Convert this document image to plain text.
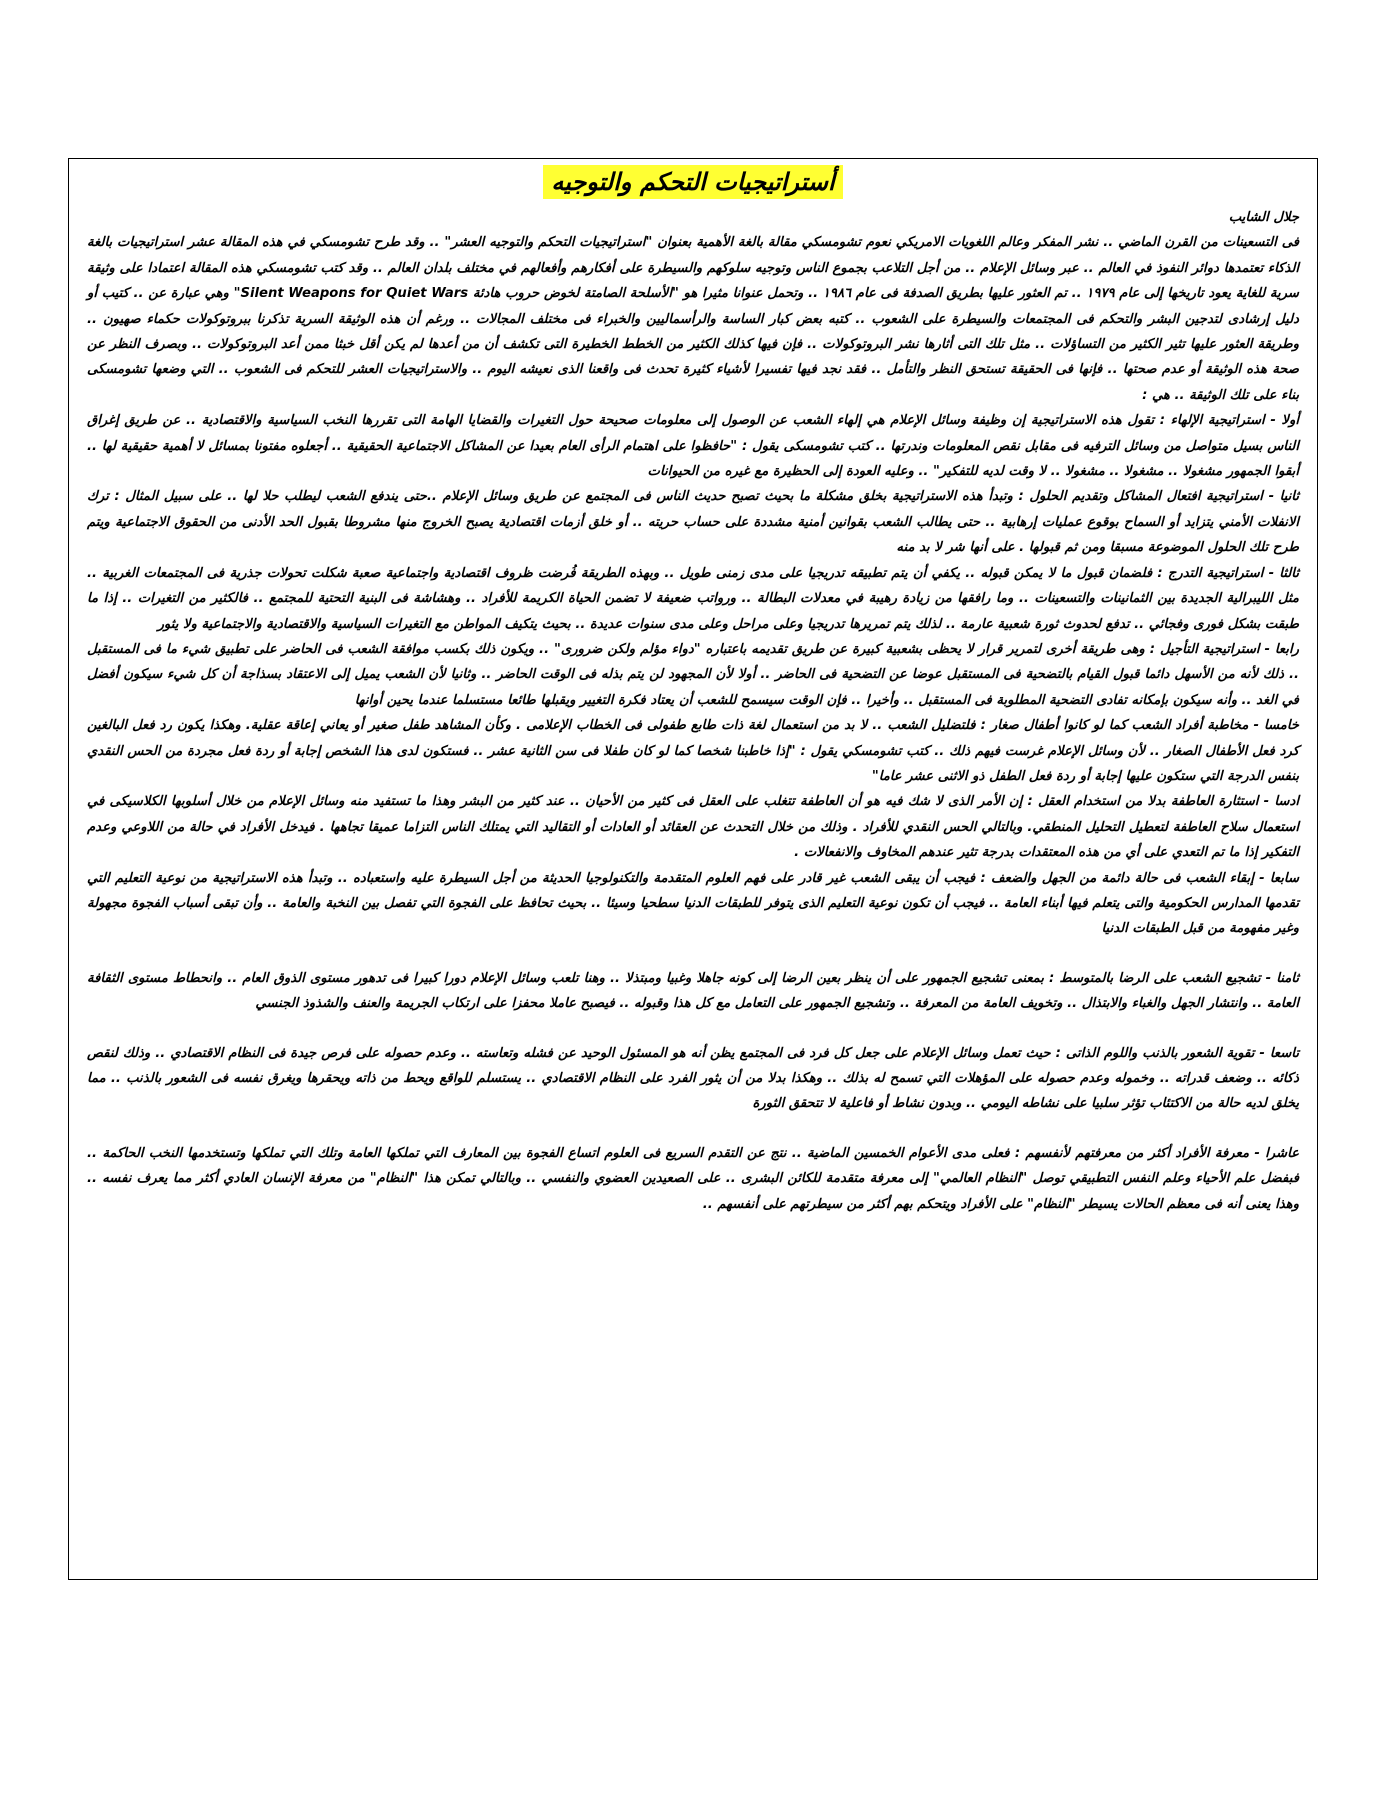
أستراتيجيات التحكم والتوجيه

جلال الشايب

فى التسعينات من القرن الماضي .. نشر المفكر وعالم اللغويات الامريكي نعوم تشومسكي مقالة بالغة الأهمية بعنوان "استراتيجيات التحكم والتوجيه العشر" .. وقد طرح تشومسكي في هذه المقالة عشر استراتيجيات بالغة الذكاء تعتمدها دوائر النفوذ في العالم .. عبر وسائل الإعلام .. من أجل التلاعب بجموع الناس وتوجيه سلوكهم والسيطرة على أفكارهم وأفعالهم في مختلف بلدان العالم .. وقد كتب تشومسكي هذه المقالة اعتمادا على وثيقة سرية للغاية يعود تاريخها إلى عام ١٩٧٩ .. تم العثور عليها بطريق الصدفة فى عام ١٩٨٦ .. وتحمل عنوانا مثيرا هو "الأسلحة الصامتة لخوض حروب هادئة Silent Weapons for Quiet Wars" وهي عبارة عن .. كتيب أو دليل إرشادى لتدجين البشر والتحكم فى المجتمعات والسيطرة على الشعوب .. كتبه بعض كبار الساسة والرأسماليين والخبراء فى مختلف المجالات .. ورغم أن هذه الوثيقة السرية تذكرنا ببروتوكولات حكماء صهيون .. وطريقة العثور عليها تثير الكثير من التساؤلات .. مثل تلك التى أثارها نشر البروتوكولات .. فإن فيها كذلك الكثير من الخطط الخطيرة التى تكشف أن من أعدها لم يكن أقل خبثا ممن أعد البروتوكولات .. وبصرف النظر عن صحة هذه الوثيقة أو عدم صحتها .. فإنها فى الحقيقة تستحق النظر والتأمل .. فقد نجد فيها تفسيرا لأشياء كثيرة تحدث فى واقعنا الذى نعيشه اليوم .. والاستراتيجيات العشر للتحكم فى الشعوب .. التي وضعها تشومسكى بناء على تلك الوثيقة .. هي :

أولا - استراتيجية الإلهاء : تقول هذه الاستراتيجية إن وظيفة وسائل الإعلام هي إلهاء الشعب عن الوصول إلى معلومات صحيحة حول التغيرات والقضايا الهامة التى تقررها النخب السياسية والاقتصادية .. عن طريق إغراق الناس بسيل متواصل من وسائل الترفيه فى مقابل نقص المعلومات وندرتها .. كتب تشومسكى يقول : "حافظوا على اهتمام الرأى العام بعيدا عن المشاكل الاجتماعية الحقيقية .. أجعلوه مفتونا بمسائل لا أهمية حقيقية لها .. أبقوا الجمهور مشغولا .. مشغولا .. مشغولا .. لا وقت لديه للتفكير" .. وعليه العودة إلى الحظيرة مع غيره من الحيوانات

ثانيا - استراتيجية افتعال المشاكل وتقديم الحلول : وتبدأ هذه الاستراتيجية بخلق مشكلة ما بحيث تصبح حديث الناس فى المجتمع عن طريق وسائل الإعلام ..حتى يندفع الشعب ليطلب حلا لها .. على سبيل المثال : ترك الانفلات الأمني يتزايد أو السماح بوقوع عمليات إرهابية .. حتى يطالب الشعب بقوانين أمنية مشددة على حساب حريته .. أو خلق أزمات اقتصادية يصبح الخروج منها مشروطا بقبول الحد الأدنى من الحقوق الاجتماعية ويتم طرح تلك الحلول الموضوعة مسبقا ومن ثم قبولها . على أنها شر لا بد منه

ثالثا - استراتيجية التدرج : فلضمان قبول ما لا يمكن قبوله .. يكفي أن يتم تطبيقه تدريجيا على مدى زمنى طويل .. وبهذه الطريقة فُرضت ظروف اقتصادية واجتماعية صعبة شكلت تحولات جذرية فى المجتمعات الغربية .. مثل الليبرالية الجديدة بين الثمانينات والتسعينات .. وما رافقها من زيادة رهيبة في معدلات البطالة .. ورواتب ضعيفة لا تضمن الحياة الكريمة للأفراد .. وهشاشة فى البنية التحتية للمجتمع .. فالكثير من التغيرات .. إذا ما طبقت بشكل فورى وفجائي .. تدفع لحدوث ثورة شعبية عارمة .. لذلك يتم تمريرها تدريجيا وعلى مراحل وعلى مدى سنوات عديدة .. بحيث يتكيف المواطن مع التغيرات السياسية والاقتصادية والاجتماعية ولا يثور

رابعا - استراتيجية التأجيل : وهى طريقة أخرى لتمرير قرار لا يحظى بشعبية كبيرة عن طريق تقديمه باعتباره "دواء مؤلم ولكن ضرورى" .. ويكون ذلك بكسب موافقة الشعب فى الحاضر على تطبيق شيء ما فى المستقبل .. ذلك لأنه من الأسهل دائما قبول القيام بالتضحية فى المستقبل عوضا عن التضحية فى الحاضر .. أولا لأن المجهود لن يتم بذله فى الوقت الحاضر .. وثانيا لأن الشعب يميل إلى الاعتقاد بسذاجة أن كل شيء سيكون أفضل في الغد .. وأنه سيكون بإمكانه تفادى التضحية المطلوبة فى المستقبل .. وأخيرا .. فإن الوقت سيسمح للشعب أن يعتاد فكرة التغيير ويقبلها طائعا مستسلما عندما يحين أوانها

خامسا - مخاطبة أفراد الشعب كما لو كانوا أطفال صغار : فلتضليل الشعب .. لا بد من استعمال لغة ذات طابع طفولى فى الخطاب الإعلامى . وكأن المشاهد طفل صغير أو يعاني إعاقة عقلية. وهكذا يكون رد فعل البالغين كرد فعل الأطفال الصغار .. لأن وسائل الإعلام غرست فيهم ذلك .. كتب تشومسكي يقول : "إذا خاطبنا شخصا كما لو كان طفلا فى سن الثانية عشر .. فستكون لدى هذا الشخص إجابة أو ردة فعل مجردة من الحس النقدي بنفس الدرجة التي ستكون عليها إجابة أو ردة فعل الطفل ذو الاثنى عشر عاما"

ادسا - استثارة العاطفة بدلا من استخدام العقل : إن الأمر الذى لا شك فيه هو أن العاطفة تتغلب على العقل فى كثير من الأحيان .. عند كثير من البشر وهذا ما تستفيد منه وسائل الإعلام من خلال أسلوبها الكلاسيكى في استعمال سلاح العاطفة لتعطيل التحليل المنطقي. وبالتالي الحس النقدي للأفراد . وذلك من خلال التحدث عن العقائد أو العادات أو التقاليد التي يمتلك الناس التزاما عميقا تجاهها . فيدخل الأفراد في حالة من اللاوعي وعدم التفكير إذا ما تم التعدي على أي من هذه المعتقدات بدرجة تثير عندهم المخاوف والانفعالات .

سابعا - إبقاء الشعب فى حالة دائمة من الجهل والضعف : فيجب أن يبقى الشعب غير قادر على فهم العلوم المتقدمة والتكنولوجيا الحديثة من أجل السيطرة عليه واستعباده .. وتبدأ هذه الاستراتيجية من نوعية التعليم التي تقدمها المدارس الحكومية والتى يتعلم فيها أبناء العامة .. فيجب أن تكون نوعية التعليم الذى يتوفر للطبقات الدنيا سطحيا وسيئا .. بحيث تحافظ على الفجوة التي تفصل بين النخبة والعامة .. وأن تبقى أسباب الفجوة مجهولة وغير مفهومة من قبل الطبقات الدنيا

ثامنا - تشجيع الشعب على الرضا بالمتوسط : بمعنى تشجيع الجمهور على أن ينظر بعين الرضا إلى كونه جاهلا وغبيا ومبتذلا .. وهنا تلعب وسائل الإعلام دورا كبيرا فى تدهور مستوى الذوق العام .. وانحطاط مستوى الثقافة العامة .. وانتشار الجهل والغباء والابتذال .. وتخويف العامة من المعرفة .. وتشجيع الجمهور على التعامل مع كل هذا وقبوله .. فيصبح عاملا محفزا على ارتكاب الجريمة والعنف والشذوذ الجنسي

تاسعا - تقوية الشعور بالذنب واللوم الذاتى : حيث تعمل وسائل الإعلام على جعل كل فرد فى المجتمع يظن أنه هو المسئول الوحيد عن فشله وتعاسته .. وعدم حصوله على فرص جيدة فى النظام الاقتصادي .. وذلك لنقص ذكائه .. وضعف قدراته .. وخموله وعدم حصوله على المؤهلات التي تسمح له بذلك .. وهكذا بدلا من أن يثور الفرد على النظام الاقتصادي .. يستسلم للواقع ويحط من ذاته ويحقرها ويغرق نفسه فى الشعور بالذنب .. مما يخلق لديه حالة من الاكتئاب تؤثر سلبيا على نشاطه اليومي .. وبدون نشاط أو فاعلية لا تتحقق الثورة

عاشرا - معرفة الأفراد أكثر من معرفتهم لأنفسهم : فعلى مدى الأعوام الخمسين الماضية .. نتج عن التقدم السريع فى العلوم اتساع الفجوة بين المعارف التي تملكها العامة وتلك التي تملكها وتستخدمها النخب الحاكمة .. فبفضل علم الأحياء وعلم النفس التطبيقي توصل "النظام العالمي" إلى معرفة متقدمة للكائن البشرى .. على الصعيدين العضوي والنفسي .. وبالتالي تمكن هذا "النظام" من معرفة الإنسان العادي أكثر مما يعرف نفسه .. وهذا يعنى أنه فى معظم الحالات يسيطر "النظام" على الأفراد ويتحكم بهم أكثر من سيطرتهم على أنفسهم ..
